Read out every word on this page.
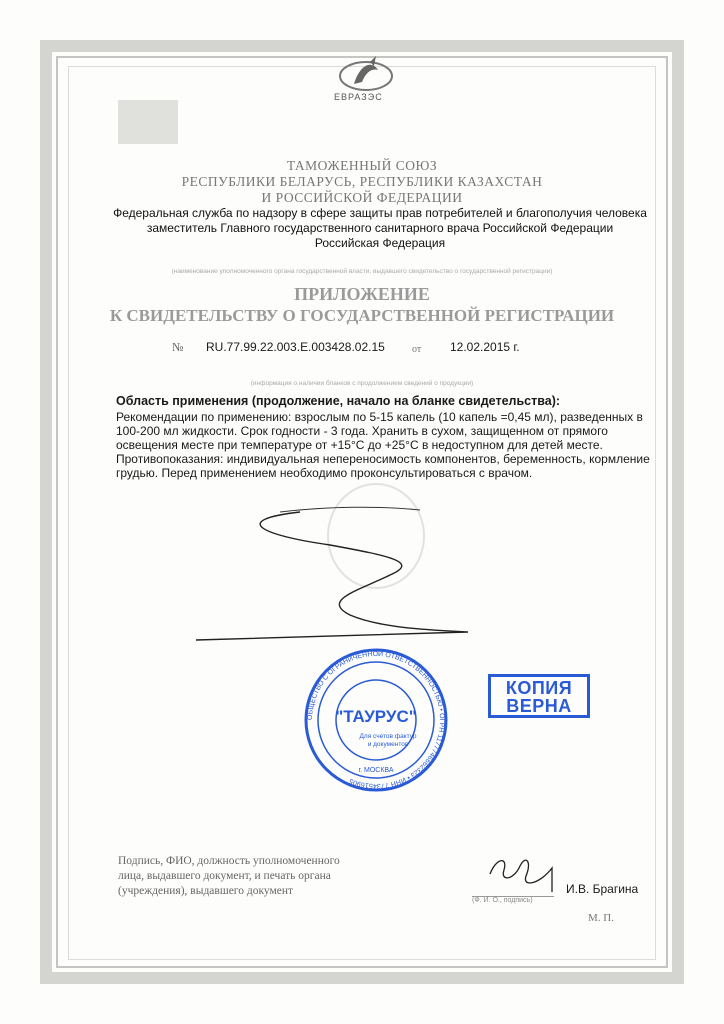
ЕВРАЗЭС
ТАМОЖЕННЫЙ СОЮЗ
РЕСПУБЛИКИ БЕЛАРУСЬ, РЕСПУБЛИКИ КАЗАХСТАН
И РОССИЙСКОЙ ФЕДЕРАЦИИ
Федеральная служба по надзору в сфере защиты прав потребителей и благополучия человека
заместитель Главного государственного санитарного врача Российской Федерации
Российская Федерация
(наименование уполномоченного органа государственной власти, выдавшего свидетельство о государственной регистрации)
ПРИЛОЖЕНИЕ
К СВИДЕТЕЛЬСТВУ О ГОСУДАРСТВЕННОЙ РЕГИСТРАЦИИ
№ RU.77.99.22.003.Е.003428.02.15	от 12.02.2015 г.
(информация о наличии бланков с продолжением сведений о продукции)
Область применения (продолжение, начало на бланке свидетельства):
Рекомендации по применению: взрослым по 5-15 капель (10 капель =0,45 мл), разведенных в 100-200 мл жидкости. Срок годности - 3 года. Хранить в сухом, защищенном от прямого освещения месте при температуре от +15°С до +25°С в недоступном для детей месте. Противопоказания: индивидуальная непереносимость компонентов, беременность, кормление грудью. Перед применением необходимо проконсультироваться с врачом.
ОБЩЕСТВО С ОГРАНИЧЕННОЙ ОТВЕТСТВЕННОСТЬЮ • ОГРН 1177746662323 • ИНН 7734516905
"ТАУРУС"
Для счетов фактур
и документов
г. МОСКВА
КОПИЯ
ВЕРНА
Подпись, ФИО, должность уполномоченного
лица, выдавшего документ, и печать органа
(учреждения), выдавшего документ	И.В. Брагина
(Ф. И. О., подпись)
М. П.
